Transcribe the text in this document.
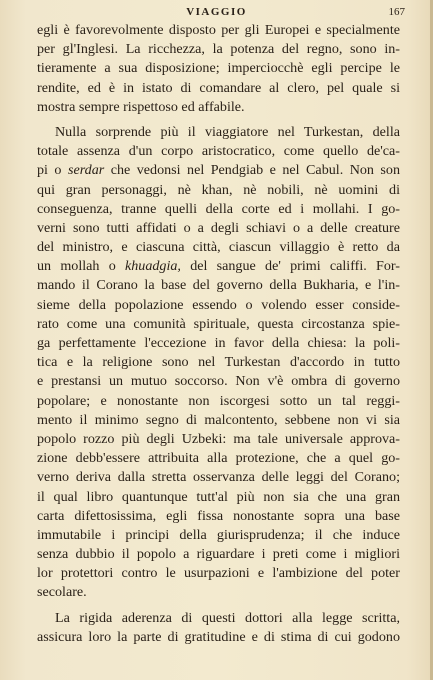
VIAGGIO	167
egli è favorevolmente disposto per gli Europei e specialmente
per gl'Inglesi. La ricchezza, la potenza del regno, sono in-
tieramente a sua disposizione; imperciocchè egli percipe le
rendite, ed è in istato di comandare al clero, pel quale si
mostra sempre rispettoso ed affabile.
Nulla sorprende più il viaggiatore nel Turkestan, della
totale assenza d'un corpo aristocratico, come quello de'ca-
pi o serdar che vedonsi nel Pendgiab e nel Cabul. Non son
qui gran personaggi, nè khan, nè nobili, nè uomini di
conseguenza, tranne quelli della corte ed i mollahi. I go-
verni sono tutti affidati o a degli schiavi o a delle creature
del ministro, e ciascuna città, ciascun villaggio è retto da
un mollah o khuadgia, del sangue de' primi califfi. For-
mando il Corano la base del governo della Bukharia, e l'in-
sieme della popolazione essendo o volendo esser conside-
rato come una comunità spirituale, questa circostanza spie-
ga perfettamente l'eccezione in favor della chiesa: la poli-
tica e la religione sono nel Turkestan d'accordo in tutto
e prestansi un mutuo soccorso. Non v'è ombra di governo
popolare; e nonostante non iscorgesi sotto un tal reggi-
mento il minimo segno di malcontento, sebbene non vi sia
popolo rozzo più degli Uzbeki: ma tale universale approva-
zione debb'essere attribuita alla protezione, che a quel go-
verno deriva dalla stretta osservanza delle leggi del Corano;
il qual libro quantunque tutt'al più non sia che una gran
carta difettosissima, egli fissa nonostante sopra una base
immutabile i principi della giurisprudenza; il che induce
senza dubbio il popolo a riguardare i preti come i migliori
lor protettori contro le usurpazioni e l'ambizione del poter
secolare.
La rigida aderenza di questi dottori alla legge scritta,
assicura loro la parte di gratitudine e di stima di cui godono
